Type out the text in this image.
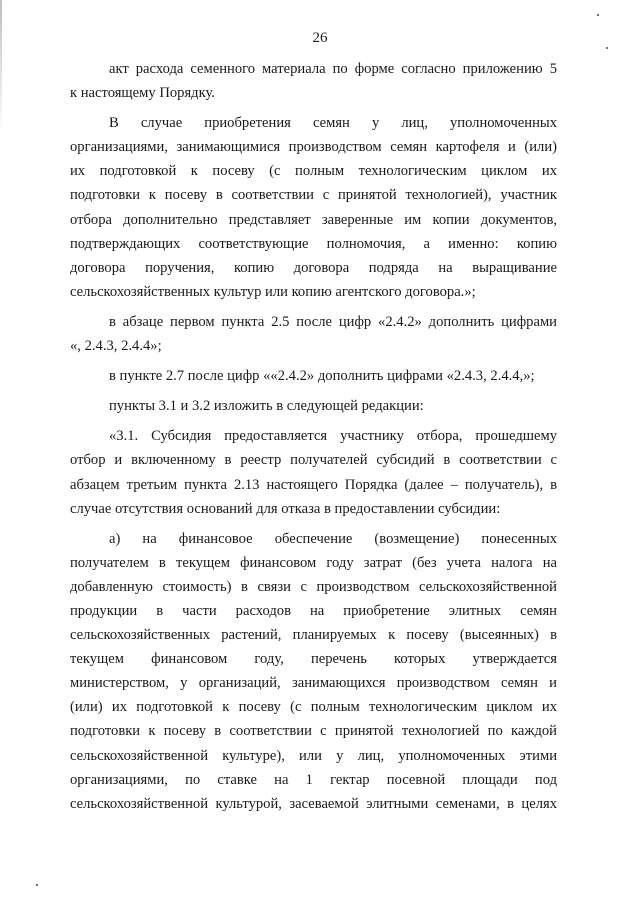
26
акт расхода семенного материала по форме согласно приложению 5
к настоящему Порядку.
В случае приобретения семян у лиц, уполномоченных
организациями, занимающимися производством семян картофеля и (или)
их подготовкой к посеву (с полным технологическим циклом их
подготовки к посеву в соответствии с принятой технологией), участник
отбора дополнительно представляет заверенные им копии документов,
подтверждающих соответствующие полномочия, а именно: копию
договора поручения, копию договора подряда на выращивание
сельскохозяйственных культур или копию агентского договора.»;
в абзаце первом пункта 2.5 после цифр «2.4.2» дополнить цифрами
«, 2.4.3, 2.4.4»;
в пункте 2.7 после цифр ««2.4.2» дополнить цифрами «2.4.3, 2.4.4,»;
пункты 3.1 и 3.2 изложить в следующей редакции:
«3.1. Субсидия предоставляется участнику отбора, прошедшему
отбор и включенному в реестр получателей субсидий в соответствии с
абзацем третьим пункта 2.13 настоящего Порядка (далее – получатель), в
случае отсутствия оснований для отказа в предоставлении субсидии:
а) на финансовое обеспечение (возмещение) понесенных
получателем в текущем финансовом году затрат (без учета налога на
добавленную стоимость) в связи с производством сельскохозяйственной
продукции в части расходов на приобретение элитных семян
сельскохозяйственных растений, планируемых к посеву (высеянных) в
текущем финансовом году, перечень которых утверждается
министерством, у организаций, занимающихся производством семян и
(или) их подготовкой к посеву (с полным технологическим циклом их
подготовки к посеву в соответствии с принятой технологией по каждой
сельскохозяйственной культуре), или у лиц, уполномоченных этими
организациями, по ставке на 1 гектар посевной площади под
сельскохозяйственной культурой, засеваемой элитными семенами, в целях
